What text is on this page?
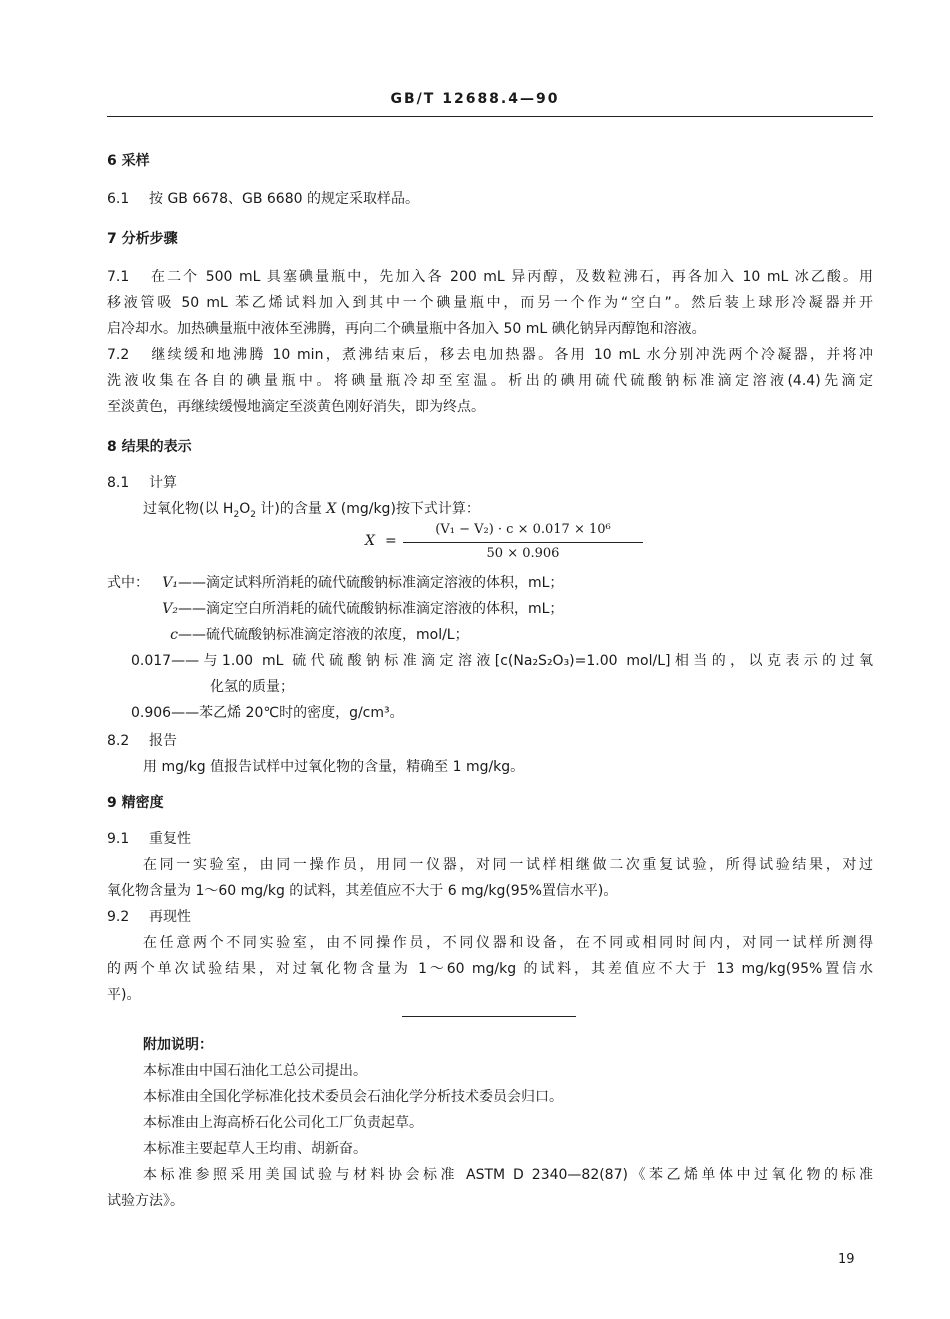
GB/T 12688.4—90
6 采样
6.1 按 GB 6678、GB 6680 的规定采取样品。
7 分析步骤
7.1 在二个 500 mL 具塞碘量瓶中，先加入各 200 mL 异丙醇，及数粒沸石，再各加入 10 mL 冰乙酸。用
移液管吸 50 mL 苯乙烯试料加入到其中一个碘量瓶中，而另一个作为“空白”。然后装上球形冷凝器并开
启冷却水。加热碘量瓶中液体至沸腾，再向二个碘量瓶中各加入 50 mL 碘化钠异丙醇饱和溶液。
7.2 继续缓和地沸腾 10 min，煮沸结束后，移去电加热器。各用 10 mL 水分别冲洗两个冷凝器，并将冲
洗液收集在各自的碘量瓶中。将碘量瓶冷却至室温。析出的碘用硫代硫酸钠标准滴定溶液(4.4)先滴定
至淡黄色，再继续缓慢地滴定至淡黄色刚好消失，即为终点。
8 结果的表示
8.1 计算
过氧化物(以 $H_2O_2$ 计)的含量 X (mg/kg)按下式计算：
X =
(V₁ − V₂) · c × 0.017 × 10⁶
50 × 0.906
式中： V₁——滴定试料所消耗的硫代硫酸钠标准滴定溶液的体积，mL；
V₂——滴定空白所消耗的硫代硫酸钠标准滴定溶液的体积，mL；
c——硫代硫酸钠标准滴定溶液的浓度，mol/L；
0.017——与1.00 mL 硫代硫酸钠标准滴定溶液[c(Na₂S₂O₃)=1.00 mol/L]相当的，以克表示的过氧
化氢的质量；
0.906——苯乙烯 20℃时的密度，g/cm³。
8.2 报告
用 mg/kg 值报告试样中过氧化物的含量，精确至 1 mg/kg。
9 精密度
9.1 重复性
在同一实验室，由同一操作员，用同一仪器，对同一试样相继做二次重复试验，所得试验结果，对过
氧化物含量为 1～60 mg/kg 的试料，其差值应不大于 6 mg/kg(95%置信水平)。
9.2 再现性
在任意两个不同实验室，由不同操作员，不同仪器和设备，在不同或相同时间内，对同一试样所测得
的两个单次试验结果，对过氧化物含量为 1～60 mg/kg 的试料，其差值应不大于 13 mg/kg(95%置信水
平)。
附加说明：
本标准由中国石油化工总公司提出。
本标准由全国化学标准化技术委员会石油化学分析技术委员会归口。
本标准由上海高桥石化公司化工厂负责起草。
本标准主要起草人王均甫、胡新奋。
本标准参照采用美国试验与材料协会标准 ASTM D 2340—82(87)《苯乙烯单体中过氧化物的标准
试验方法》。
19
